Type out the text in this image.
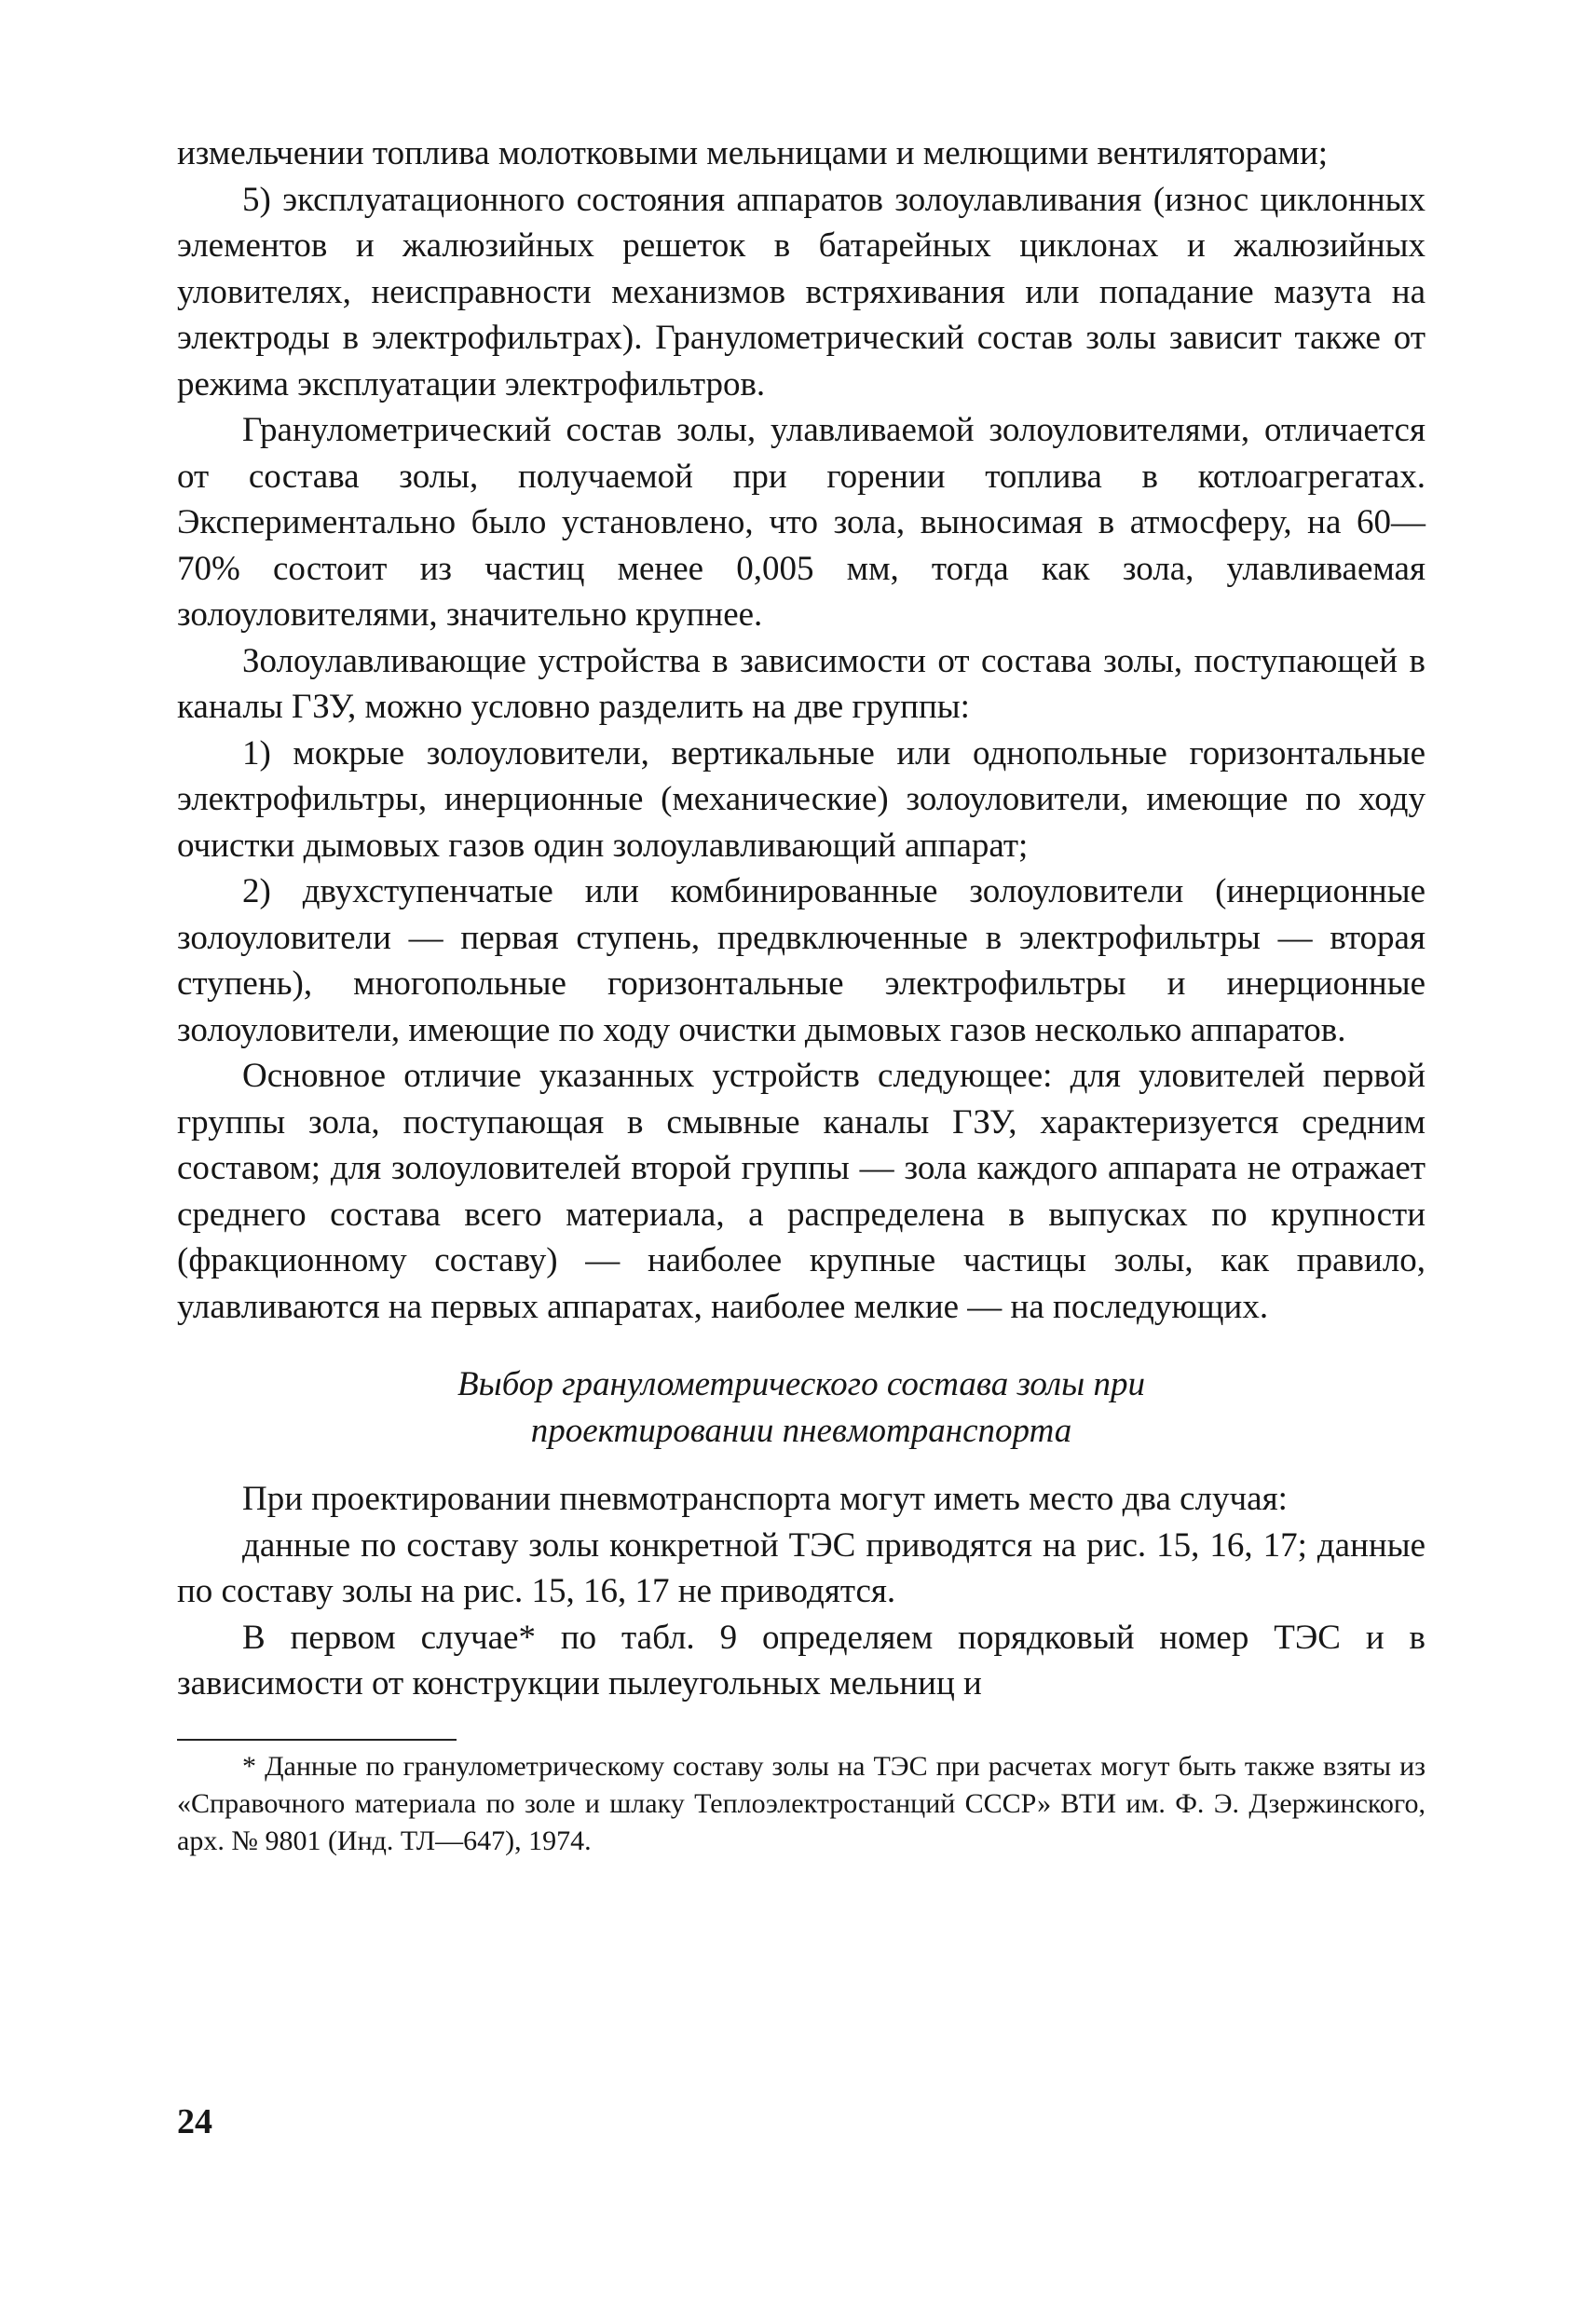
измельчении топлива молотковыми мельницами и мелющими вентиляторами;

5) эксплуатационного состояния аппаратов золоулавливания (износ циклонных элементов и жалюзийных решеток в батарейных циклонах и жалюзийных уловителях, неисправности механизмов встряхивания или попадание мазута на электроды в электрофильтрах). Гранулометрический состав золы зависит также от режима эксплуатации электрофильтров.

Гранулометрический состав золы, улавливаемой золоуловителями, отличается от состава золы, получаемой при горении топлива в котлоагрегатах. Экспериментально было установлено, что зола, выносимая в атмосферу, на 60—70% состоит из частиц менее 0,005 мм, тогда как зола, улавливаемая золоуловителями, значительно крупнее.

Золоулавливающие устройства в зависимости от состава золы, поступающей в каналы ГЗУ, можно условно разделить на две группы:

1) мокрые золоуловители, вертикальные или однопольные горизонтальные электрофильтры, инерционные (механические) золоуловители, имеющие по ходу очистки дымовых газов один золоулавливающий аппарат;

2) двухступенчатые или комбинированные золоуловители (инерционные золоуловители — первая ступень, предвключенные в электрофильтры — вторая ступень), многопольные горизонтальные электрофильтры и инерционные золоуловители, имеющие по ходу очистки дымовых газов несколько аппаратов.

Основное отличие указанных устройств следующее: для уловителей первой группы зола, поступающая в смывные каналы ГЗУ, характеризуется средним составом; для золоуловителей второй группы — зола каждого аппарата не отражает среднего состава всего материала, а распределена в выпусках по крупности (фракционному составу) — наиболее крупные частицы золы, как правило, улавливаются на первых аппаратах, наиболее мелкие — на последующих.

Выбор гранулометрического состава золы при
проектировании пневмотранспорта

При проектировании пневмотранспорта могут иметь место два случая:

данные по составу золы конкретной ТЭС приводятся на рис. 15, 16, 17; данные по составу золы на рис. 15, 16, 17 не приводятся.

В первом случае* по табл. 9 определяем порядковый номер ТЭС и в зависимости от конструкции пылеугольных мельниц и

* Данные по гранулометрическому составу золы на ТЭС при расчетах могут быть также взяты из «Справочного материала по золе и шлаку Теплоэлектростанций СССР» ВТИ им. Ф. Э. Дзержинского, арх. № 9801 (Инд. ТЛ—647), 1974.

24
